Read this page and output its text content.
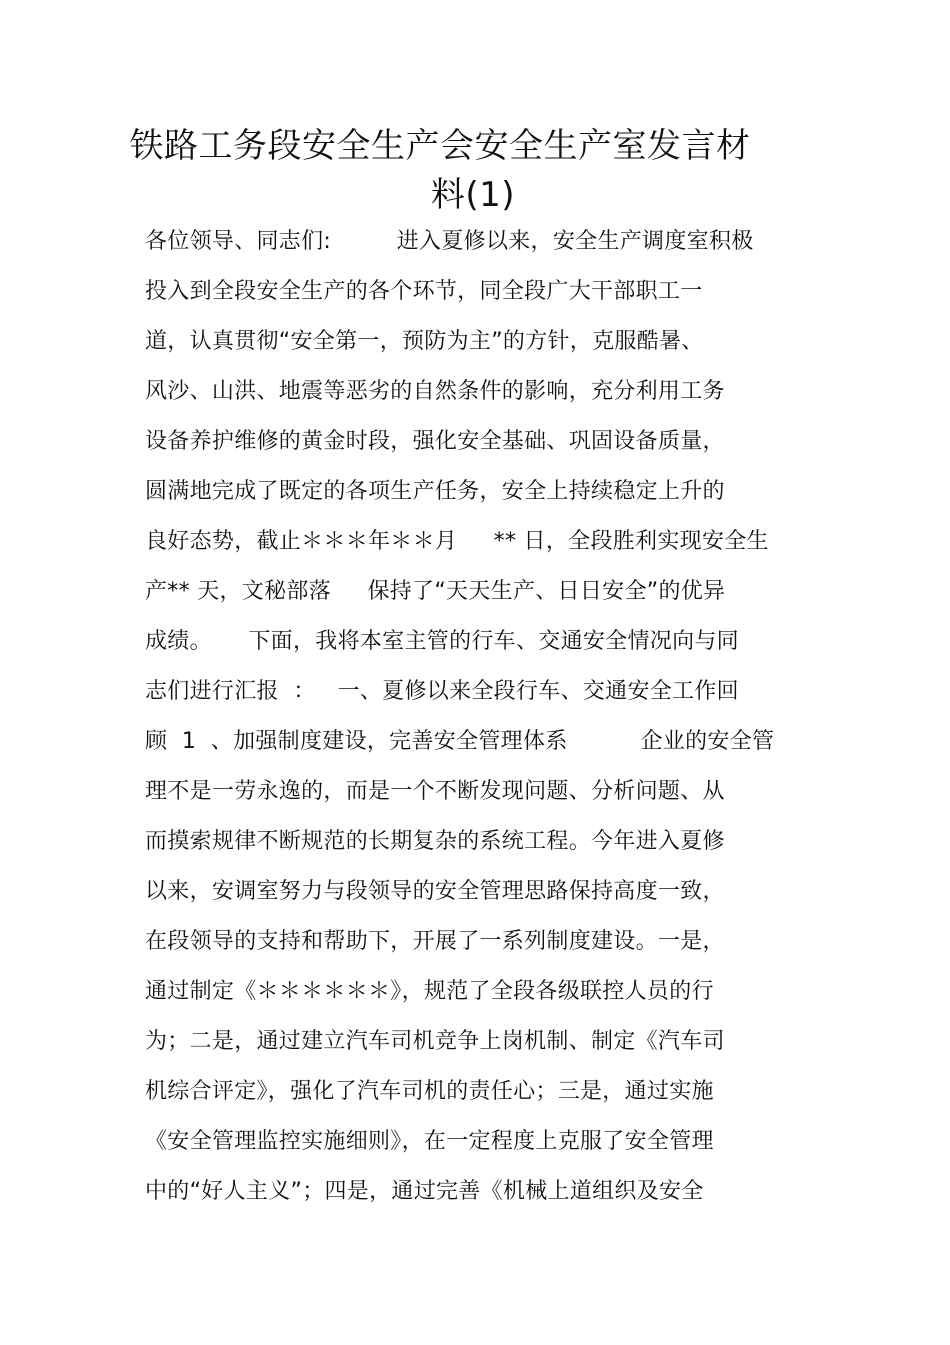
铁路工务段安全生产会安全生产室发言材
料(1)
各位领导、同志们:         进入夏修以来，安全生产调度室积极
投入到全段安全生产的各个环节，同全段广大干部职工一
道，认真贯彻“安全第一，预防为主”的方针，克服酷暑、
风沙、山洪、地震等恶劣的自然条件的影响，充分利用工务
设备养护维修的黄金时段，强化安全基础、巩固设备质量，
圆满地完成了既定的各项生产任务，安全上持续稳定上升的
良好态势，截止＊＊＊年＊＊月     ** 日，全段胜利实现安全生
产** 天，文秘部落     保持了“天天生产、日日安全”的优异
成绩。     下面，我将本室主管的行车、交通安全情况向与同
志们进行汇报  ：   一、夏修以来全段行车、交通安全工作回
顾  1  、加强制度建设，完善安全管理体系          企业的安全管
理不是一劳永逸的，而是一个不断发现问题、分析问题、从
而摸索规律不断规范的长期复杂的系统工程。今年进入夏修
以来，安调室努力与段领导的安全管理思路保持高度一致，
在段领导的支持和帮助下，开展了一系列制度建设。一是，
通过制定《＊＊＊＊＊＊》，规范了全段各级联控人员的行
为；二是，通过建立汽车司机竞争上岗机制、制定《汽车司
机综合评定》，强化了汽车司机的责任心；三是，通过实施
《安全管理监控实施细则》，在一定程度上克服了安全管理
中的“好人主义”；四是，通过完善《机械上道组织及安全
